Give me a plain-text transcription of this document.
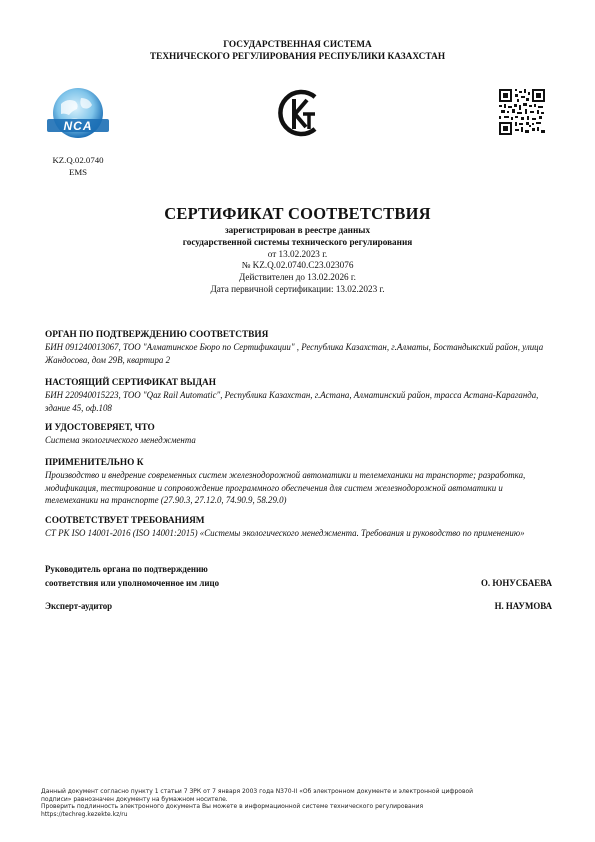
ГОСУДАРСТВЕННАЯ СИСТЕМА
ТЕХНИЧЕСКОГО РЕГУЛИРОВАНИЯ РЕСПУБЛИКИ КАЗАХСТАН
NCA
KZ.Q.02.0740
EMS
СЕРТИФИКАТ СООТВЕТСТВИЯ
зарегистрирован в реестре данных
государственной системы технического регулирования
от 13.02.2023 г.
№ KZ.Q.02.0740.С23.023076
Действителен до 13.02.2026 г.
Дата первичной сертификации: 13.02.2023 г.
ОРГАН ПО ПОДТВЕРЖДЕНИЮ СООТВЕТСТВИЯ
БИН 091240013067, ТОО "Алматинское Бюро по Сертификации" , Республика Казахстан, г.Алматы, Бостандыкский район, улица Жандосова, дом 29В, квартира 2
НАСТОЯЩИЙ СЕРТИФИКАТ ВЫДАН
БИН 220940015223, ТОО "Qaz Rail Automatic", Республика Казахстан, г.Астана, Алматинский район, трасса Астана-Караганда, здание 45, оф.108
И УДОСТОВЕРЯЕТ, ЧТО
Система экологического менеджмента
ПРИМЕНИТЕЛЬНО К
Производство и внедрение современных систем железнодорожной автоматики и телемеханики на транспорте; разработка, модификация, тестирование и сопровождение программного обеспечения для систем железнодорожной автоматики и телемеханики на транспорте (27.90.3, 27.12.0, 74.90.9, 58.29.0)
СООТВЕТСТВУЕТ ТРЕБОВАНИЯМ
СТ РК ISO 14001-2016 (ISO 14001:2015) «Системы экологического менеджмента. Требования и руководство по применению»
Руководитель органа по подтверждению
соответствия или уполномоченное им лицо	О. ЮНУСБАЕВА
Эксперт-аудитор	Н. НАУМОВА
Данный документ согласно пункту 1 статьи 7 ЗРК от 7 января 2003 года N370-II «Об электронном документе и электронной цифровой
подписи» равнозначен документу на бумажном носителе.
Проверить подлинность электронного документа Вы можете в информационной системе технического регулирования
https://techreg.kezekte.kz/ru
